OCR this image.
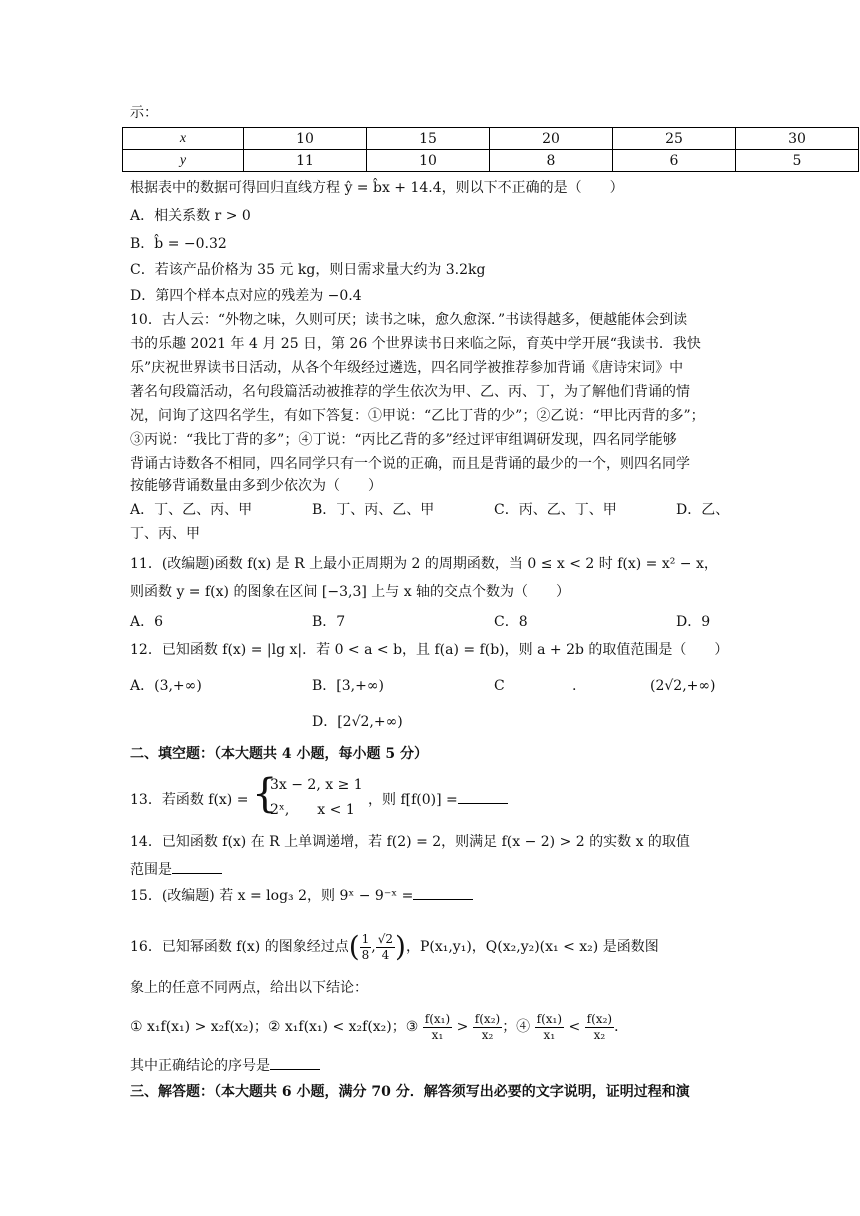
示：
x	10	15	20	25	30
y	11	10	8	6	5
根据表中的数据可得回归直线方程 ŷ = b̂x + 14.4，则以下不正确的是（　　）
A．相关系数 r > 0
B．b̂ = −0.32
C．若该产品价格为 35 元 kg，则日需求量大约为 3.2kg
D．第四个样本点对应的残差为 −0.4
10．古人云：“外物之味，久则可厌；读书之味，愈久愈深．”书读得越多，便越能体会到读
书的乐趣 2021 年 4 月 25 日，第 26 个世界读书日来临之际，育英中学开展“我读书．我快
乐”庆祝世界读书日活动，从各个年级经过遴选，四名同学被推荐参加背诵《唐诗宋词》中
著名句段篇活动，名句段篇活动被推荐的学生依次为甲、乙、丙、丁，为了解他们背诵的情
况，问询了这四名学生，有如下答复：①甲说：“乙比丁背的少”；②乙说：“甲比丙背的多”；
③丙说：“我比丁背的多”；④丁说：“丙比乙背的多”经过评审组调研发现，四名同学能够
背诵古诗数各不相同，四名同学只有一个说的正确，而且是背诵的最少的一个，则四名同学
按能够背诵数量由多到少依次为（　　）
A．丁、乙、丙、甲	B．丁、丙、乙、甲	C．丙、乙、丁、甲	D．乙、
丁、丙、甲
11．(改编题)函数 f(x) 是 R 上最小正周期为 2 的周期函数，当 0 ≤ x < 2 时 f(x) = x² − x，
则函数 y = f(x) 的图象在区间 [−3,3] 上与 x 轴的交点个数为（　　）
A．6	B．7	C．8	D．9
12．已知函数 f(x) = |lg x|．若 0 < a < b，且 f(a) = f(b)，则 a + 2b 的取值范围是（　　）
A．(3,+∞)	B．[3,+∞)	C	.	(2√2,+∞)
D．[2√2,+∞)
二、填空题：（本大题共 4 小题，每小题 5 分）
13．若函数 f(x) = {
3x − 2, x ≥ 1
2ˣ,　　x < 1
，则 f[f(0)] =
14．已知函数 f(x) 在 R 上单调递增，若 f(2) = 2，则满足 f(x − 2) > 2 的实数 x 的取值
范围是
15．(改编题) 若 x = log₃ 2，则 9ˣ − 9⁻ˣ =
16．已知幂函数 f(x) 的图象经过点( $\frac{1}{8}$ , $\frac{√2}{4}$ )，P(x₁,y₁)，Q(x₂,y₂)(x₁ < x₂) 是函数图
象上的任意不同两点，给出以下结论：
① x₁f(x₁) > x₂f(x₂)；② x₁f(x₁) < x₂f(x₂)；③ $\frac{\text{f(x₁)}}{\text{x₁}} > \frac{\text{f(x₂)}}{\text{x₂}}$ ；④ $\frac{\text{f(x₁)}}{\text{x₁}} < \frac{\text{f(x₂)}}{\text{x₂}}$ ．
其中正确结论的序号是
三、解答题：（本大题共 6 小题，满分 70 分．解答须写出必要的文字说明，证明过程和演
